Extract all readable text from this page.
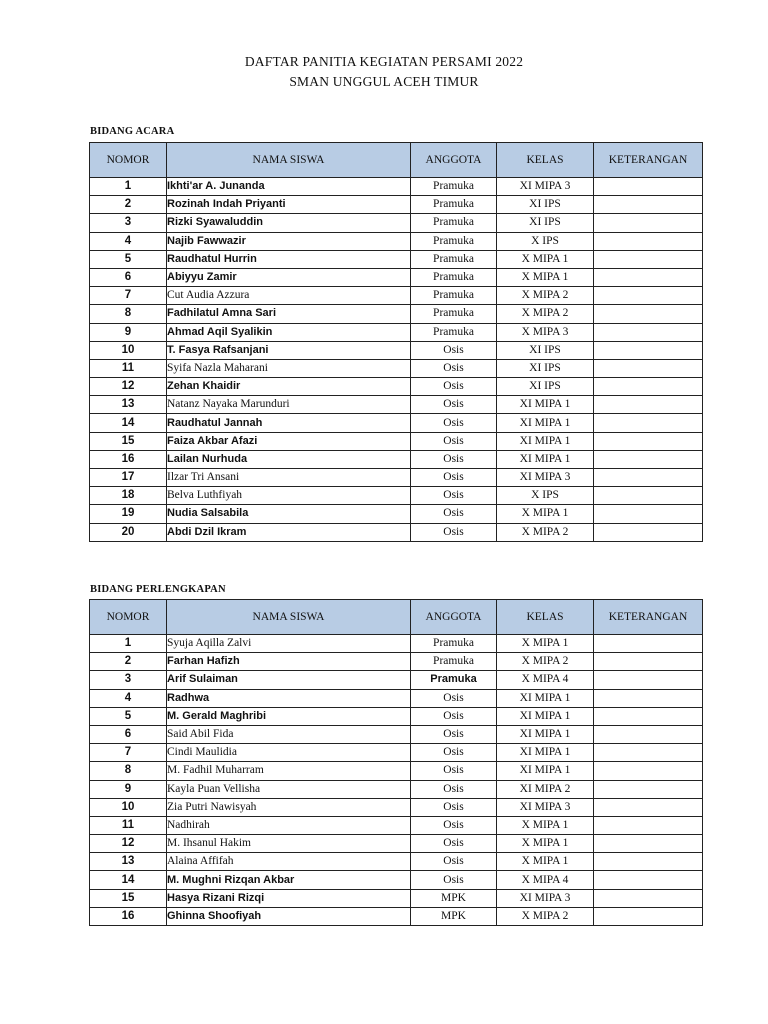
DAFTAR PANITIA KEGIATAN PERSAMI 2022
SMAN UNGGUL ACEH TIMUR
BIDANG ACARA
NOMOR	NAMA SISWA	ANGGOTA	KELAS	KETERANGAN
1	Ikhti'ar A. Junanda	Pramuka	XI MIPA 3	
2	Rozinah Indah Priyanti	Pramuka	XI IPS	
3	Rizki Syawaluddin	Pramuka	XI IPS	
4	Najib Fawwazir	Pramuka	X IPS	
5	Raudhatul Hurrin	Pramuka	X MIPA 1	
6	Abiyyu Zamir	Pramuka	X MIPA 1	
7	Cut Audia Azzura	Pramuka	X MIPA 2	
8	Fadhilatul Amna Sari	Pramuka	X MIPA 2	
9	Ahmad Aqil Syalikin	Pramuka	X MIPA 3	
10	T. Fasya Rafsanjani	Osis	XI IPS	
11	Syifa Nazla Maharani	Osis	XI IPS	
12	Zehan Khaidir	Osis	XI IPS	
13	Natanz Nayaka Marunduri	Osis	XI MIPA 1	
14	Raudhatul Jannah	Osis	XI MIPA 1	
15	Faiza Akbar Afazi	Osis	XI MIPA 1	
16	Lailan Nurhuda	Osis	XI MIPA 1	
17	Ilzar Tri Ansani	Osis	XI MIPA 3	
18	Belva Luthfiyah	Osis	X IPS	
19	Nudia Salsabila	Osis	X MIPA 1	
20	Abdi Dzil Ikram	Osis	X MIPA 2	
BIDANG PERLENGKAPAN
NOMOR	NAMA SISWA	ANGGOTA	KELAS	KETERANGAN
1	Syuja Aqilla Zalvi	Pramuka	X MIPA 1	
2	Farhan Hafizh	Pramuka	X MIPA 2	
3	Arif Sulaiman	Pramuka	X MIPA 4	
4	Radhwa	Osis	XI MIPA 1	
5	M. Gerald Maghribi	Osis	XI MIPA 1	
6	Said Abil Fida	Osis	XI MIPA 1	
7	Cindi Maulidia	Osis	XI MIPA 1	
8	M. Fadhil Muharram	Osis	XI MIPA 1	
9	Kayla Puan Vellisha	Osis	XI MIPA 2	
10	Zia Putri Nawisyah	Osis	XI MIPA 3	
11	Nadhirah	Osis	X MIPA 1	
12	M. Ihsanul Hakim	Osis	X MIPA 1	
13	Alaina Affifah	Osis	X MIPA 1	
14	M. Mughni Rizqan Akbar	Osis	X MIPA 4	
15	Hasya Rizani Rizqi	MPK	XI MIPA 3	
16	Ghinna Shoofiyah	MPK	X MIPA 2	
